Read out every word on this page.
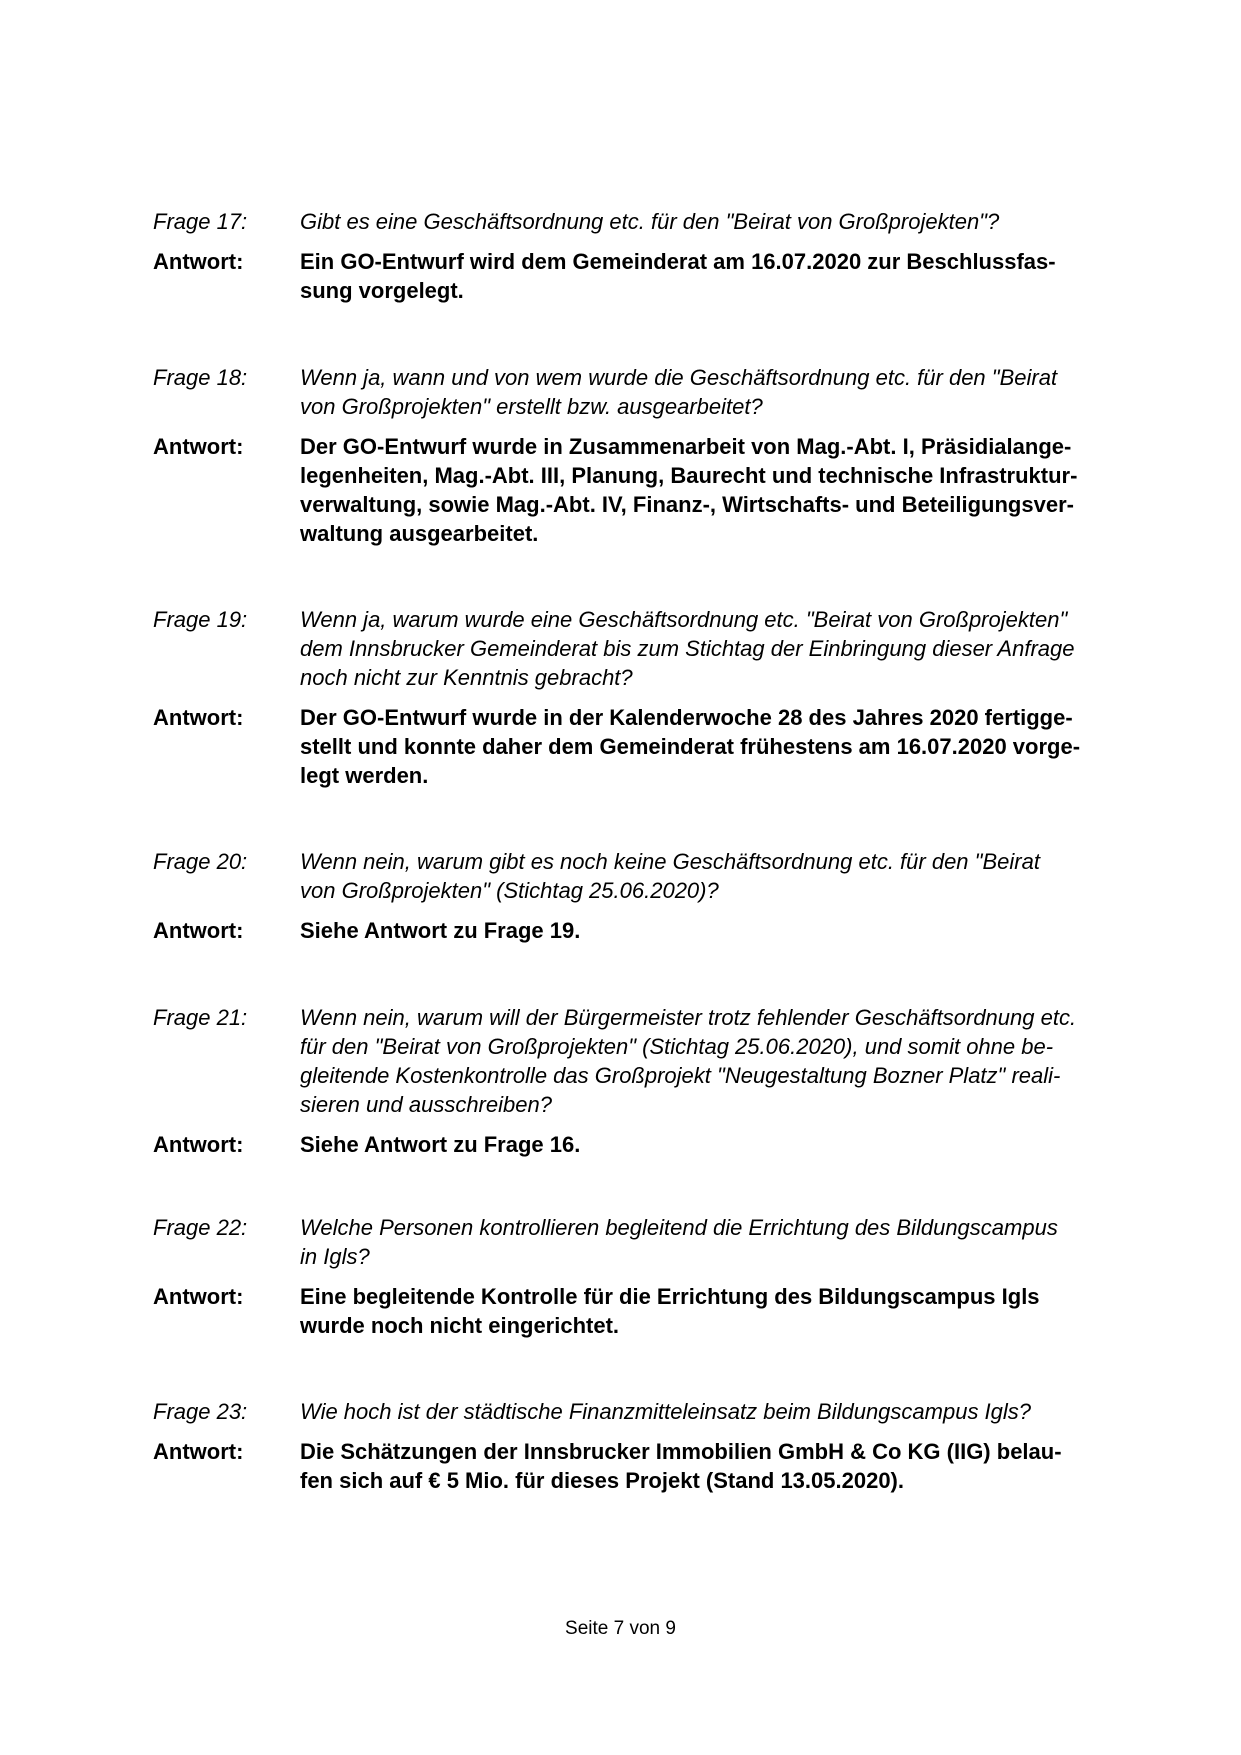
Frage 17:	Gibt es eine Geschäftsordnung etc. für den "Beirat von Großprojekten"?
Antwort:	Ein GO-Entwurf wird dem Gemeinderat am 16.07.2020 zur Beschlussfas-
sung vorgelegt.
Frage 18:	Wenn ja, wann und von wem wurde die Geschäftsordnung etc. für den "Beirat
von Großprojekten" erstellt bzw. ausgearbeitet?
Antwort:	Der GO-Entwurf wurde in Zusammenarbeit von Mag.-Abt. I, Präsidialange-
legenheiten, Mag.-Abt. III, Planung, Baurecht und technische Infrastruktur-
verwaltung, sowie Mag.-Abt. IV, Finanz-, Wirtschafts- und Beteiligungsver-
waltung ausgearbeitet.
Frage 19:	Wenn ja, warum wurde eine Geschäftsordnung etc. "Beirat von Großprojekten"
dem Innsbrucker Gemeinderat bis zum Stichtag der Einbringung dieser Anfrage
noch nicht zur Kenntnis gebracht?
Antwort:	Der GO-Entwurf wurde in der Kalenderwoche 28 des Jahres 2020 fertigge-
stellt und konnte daher dem Gemeinderat frühestens am 16.07.2020 vorge-
legt werden.
Frage 20:	Wenn nein, warum gibt es noch keine Geschäftsordnung etc. für den "Beirat
von Großprojekten" (Stichtag 25.06.2020)?
Antwort:	Siehe Antwort zu Frage 19.
Frage 21:	Wenn nein, warum will der Bürgermeister trotz fehlender Geschäftsordnung etc.
für den "Beirat von Großprojekten" (Stichtag 25.06.2020), und somit ohne be-
gleitende Kostenkontrolle das Großprojekt "Neugestaltung Bozner Platz" reali-
sieren und ausschreiben?
Antwort:	Siehe Antwort zu Frage 16.
Frage 22:	Welche Personen kontrollieren begleitend die Errichtung des Bildungscampus
in Igls?
Antwort:	Eine begleitende Kontrolle für die Errichtung des Bildungscampus Igls
wurde noch nicht eingerichtet.
Frage 23:	Wie hoch ist der städtische Finanzmitteleinsatz beim Bildungscampus Igls?
Antwort:	Die Schätzungen der Innsbrucker Immobilien GmbH & Co KG (IIG) belau-
fen sich auf € 5 Mio. für dieses Projekt (Stand 13.05.2020).
Seite 7 von 9
